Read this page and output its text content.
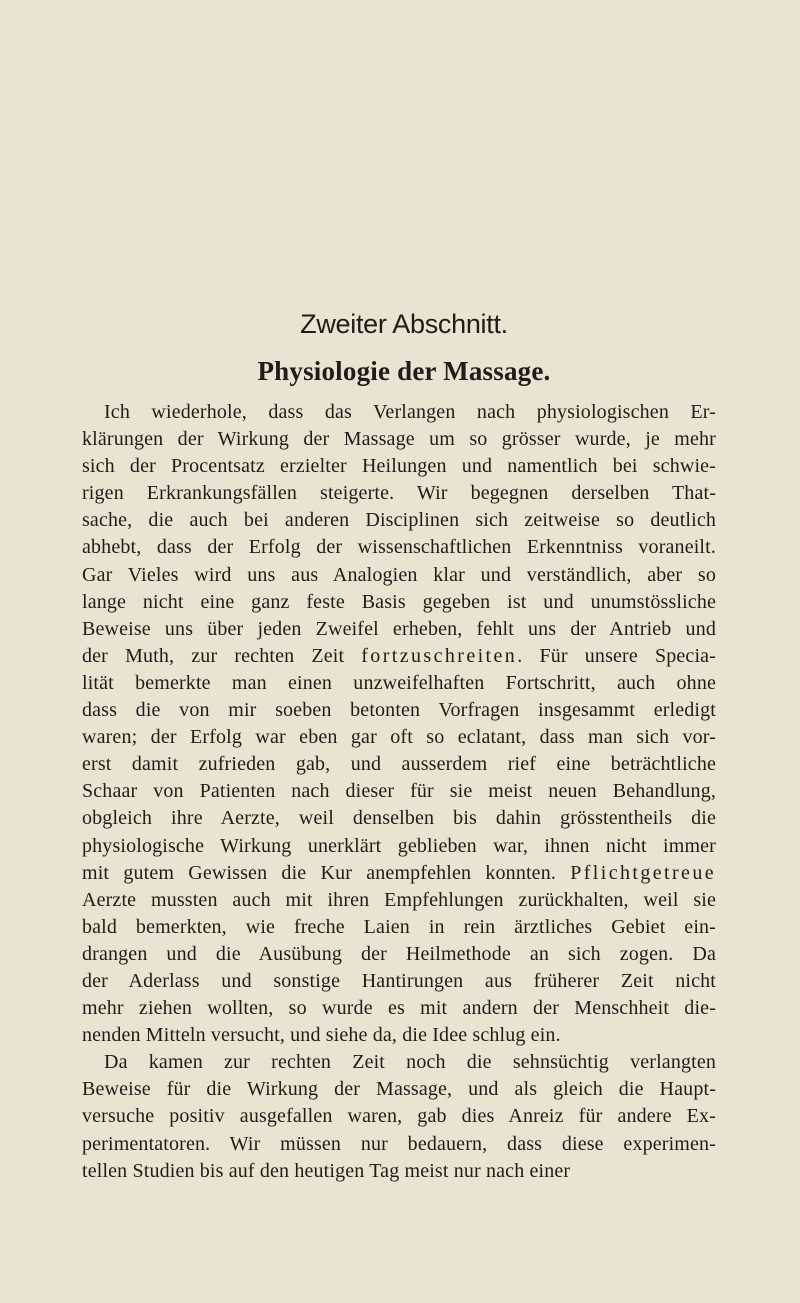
Zweiter Abschnitt.
Physiologie der Massage.
Ich wiederhole, dass das Verlangen nach physiologischen Er-
klärungen der Wirkung der Massage um so grösser wurde, je mehr
sich der Procentsatz erzielter Heilungen und namentlich bei schwie-
rigen Erkrankungsfällen steigerte. Wir begegnen derselben That-
sache, die auch bei anderen Disciplinen sich zeitweise so deutlich
abhebt, dass der Erfolg der wissenschaftlichen Erkenntniss voraneilt.
Gar Vieles wird uns aus Analogien klar und verständlich, aber so
lange nicht eine ganz feste Basis gegeben ist und unumstössliche
Beweise uns über jeden Zweifel erheben, fehlt uns der Antrieb und
der Muth, zur rechten Zeit fortzuschreiten. Für unsere Specia-
lität bemerkte man einen unzweifelhaften Fortschritt, auch ohne
dass die von mir soeben betonten Vorfragen insgesammt erledigt
waren; der Erfolg war eben gar oft so eclatant, dass man sich vor-
erst damit zufrieden gab, und ausserdem rief eine beträchtliche
Schaar von Patienten nach dieser für sie meist neuen Behandlung,
obgleich ihre Aerzte, weil denselben bis dahin grösstentheils die
physiologische Wirkung unerklärt geblieben war, ihnen nicht immer
mit gutem Gewissen die Kur anempfehlen konnten. Pflichtgetreue
Aerzte mussten auch mit ihren Empfehlungen zurückhalten, weil sie
bald bemerkten, wie freche Laien in rein ärztliches Gebiet ein-
drangen und die Ausübung der Heilmethode an sich zogen. Da
der Aderlass und sonstige Hantirungen aus früherer Zeit nicht
mehr ziehen wollten, so wurde es mit andern der Menschheit die-
nenden Mitteln versucht, und siehe da, die Idee schlug ein.
Da kamen zur rechten Zeit noch die sehnsüchtig verlangten
Beweise für die Wirkung der Massage, und als gleich die Haupt-
versuche positiv ausgefallen waren, gab dies Anreiz für andere Ex-
perimentatoren. Wir müssen nur bedauern, dass diese experimen-
tellen Studien bis auf den heutigen Tag meist nur nach einer
